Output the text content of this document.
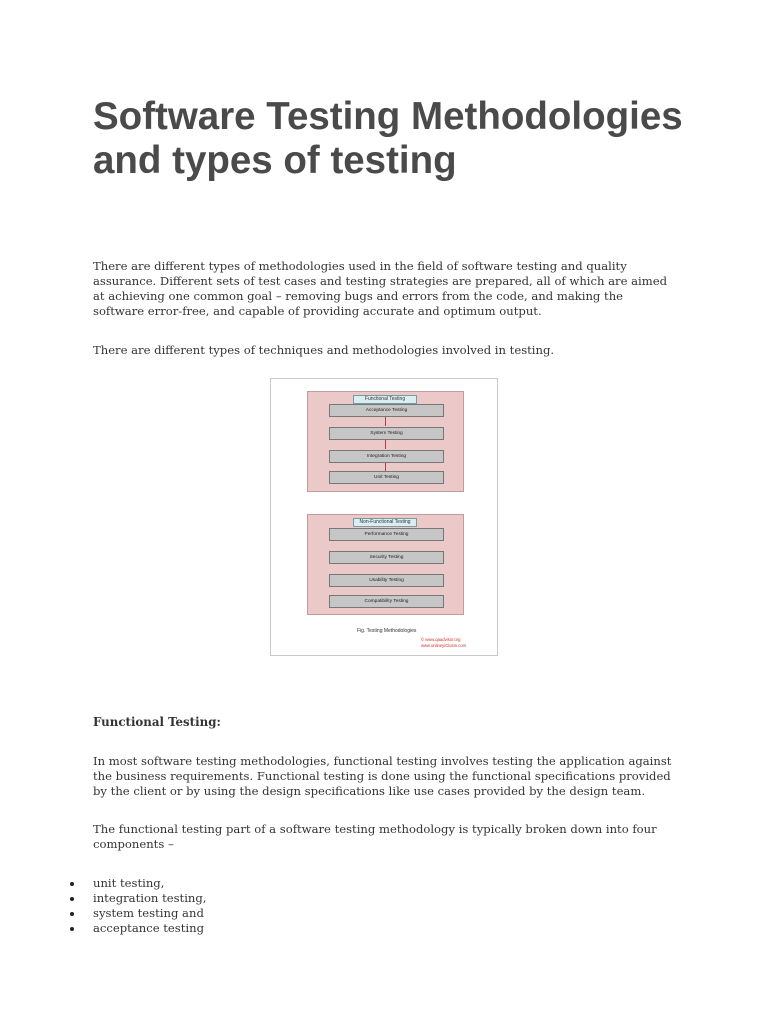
Software Testing Methodologies and types of testing

There are different types of methodologies used in the field of software testing and quality assurance. Different sets of test cases and testing strategies are prepared, all of which are aimed at achieving one common goal – removing bugs and errors from the code, and making the software error-free, and capable of providing accurate and optimum output.

There are different types of techniques and methodologies involved in testing.

Functional Testing
Acceptance Testing
System Testing
Integration Testing
Unit Testing
Non-Functional Testing
Performance Testing
Security Testing
Usability Testing
Compatibility Testing
Fig. Testing Methodologies
© www.qaadvisor.org
www.onlineyiClusm.com
Functional Testing:

In most software testing methodologies, functional testing involves testing the application against the business requirements. Functional testing is done using the functional specifications provided by the client or by using the design specifications like use cases provided by the design team.

The functional testing part of a software testing methodology is typically broken down into four components –

unit testing,
integration testing,
system testing and
acceptance testing
